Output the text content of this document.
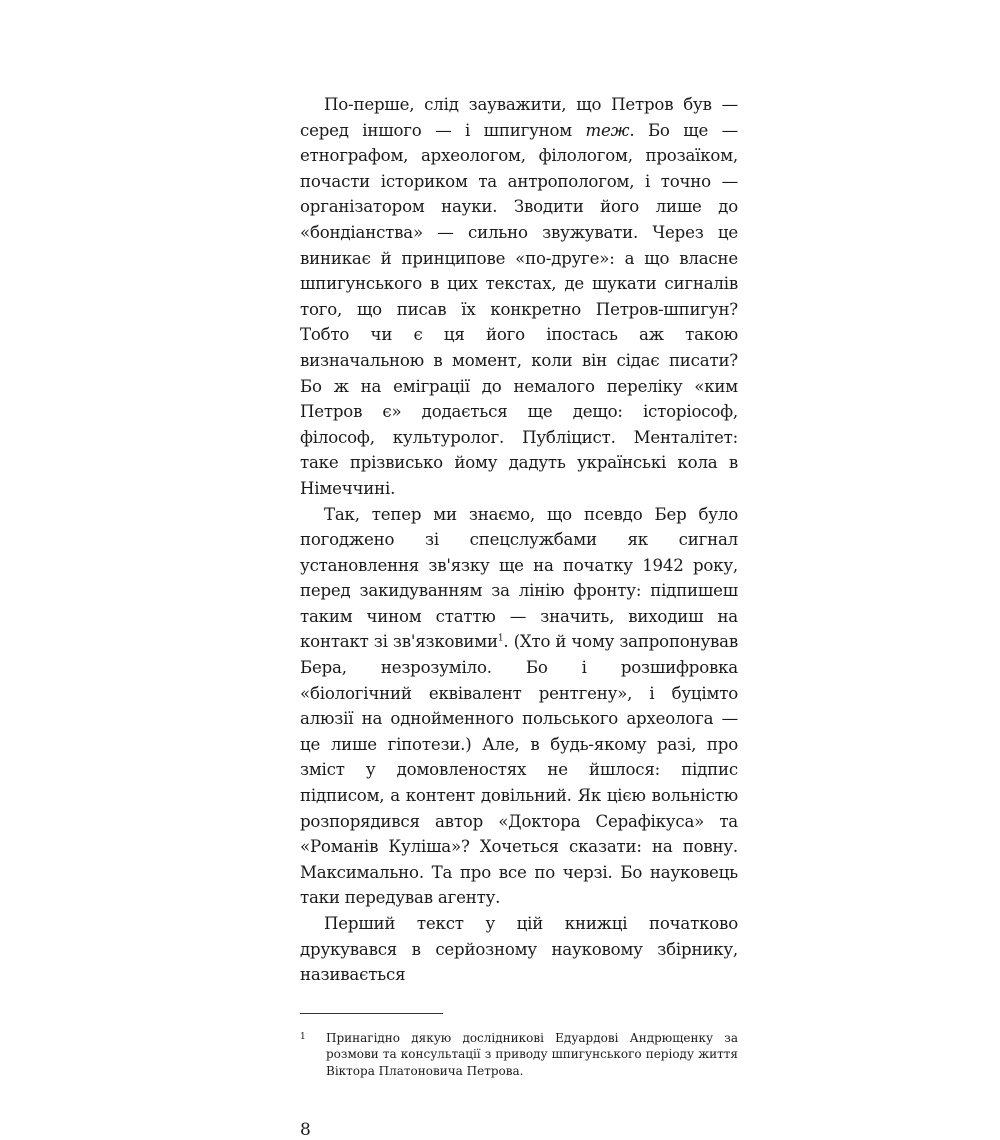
По-перше, слід зауважити, що Петров був — серед іншого — і шпигуном теж. Бо ще — етнографом, археологом, філологом, прозаїком, почасти істориком та антропологом, і точно — організатором науки. Зводити його лише до «бондіанства» — сильно звужувати. Через це виникає й принципове «по-друге»: а що власне шпигунського в цих текстах, де шукати сигналів того, що писав їх конкретно Петров-шпигун? Тобто чи є ця його іпостась аж такою визначальною в момент, коли він сідає писати? Бо ж на еміграції до немалого переліку «ким Петров є» додається ще дещо: історіософ, філософ, культуролог. Публіцист. Менталітет: таке прізвисько йому дадуть українські кола в Німеччині.

Так, тепер ми знаємо, що псевдо Бер було погоджено зі спецслужбами як сигнал установлення зв'язку ще на початку 1942 року, перед закидуванням за лінію фронту: підпишеш таким чином статтю — значить, виходиш на контакт зі зв'язковими$^1$. (Хто й чому запропонував Бера, незрозуміло. Бо і розшифровка «біологічний еквівалент рентгену», і буцімто алюзії на однойменного польського археолога — це лише гіпотези.) Але, в будь-якому разі, про зміст у домовленостях не йшлося: підпис підписом, а контент довільний. Як цією вольністю розпорядився автор «Доктора Серафікуса» та «Романів Куліша»? Хочеться сказати: на повну. Максимально. Та про все по черзі. Бо науковець таки передував агенту.

Перший текст у цій книжці початково друкувався в серйозному науковому збірнику, називається

1	Принагідно дякую дослідникові Едуардові Андрющенку за розмови та консультації з приводу шпигунського періоду життя Віктора Платоновича Петрова.
8
